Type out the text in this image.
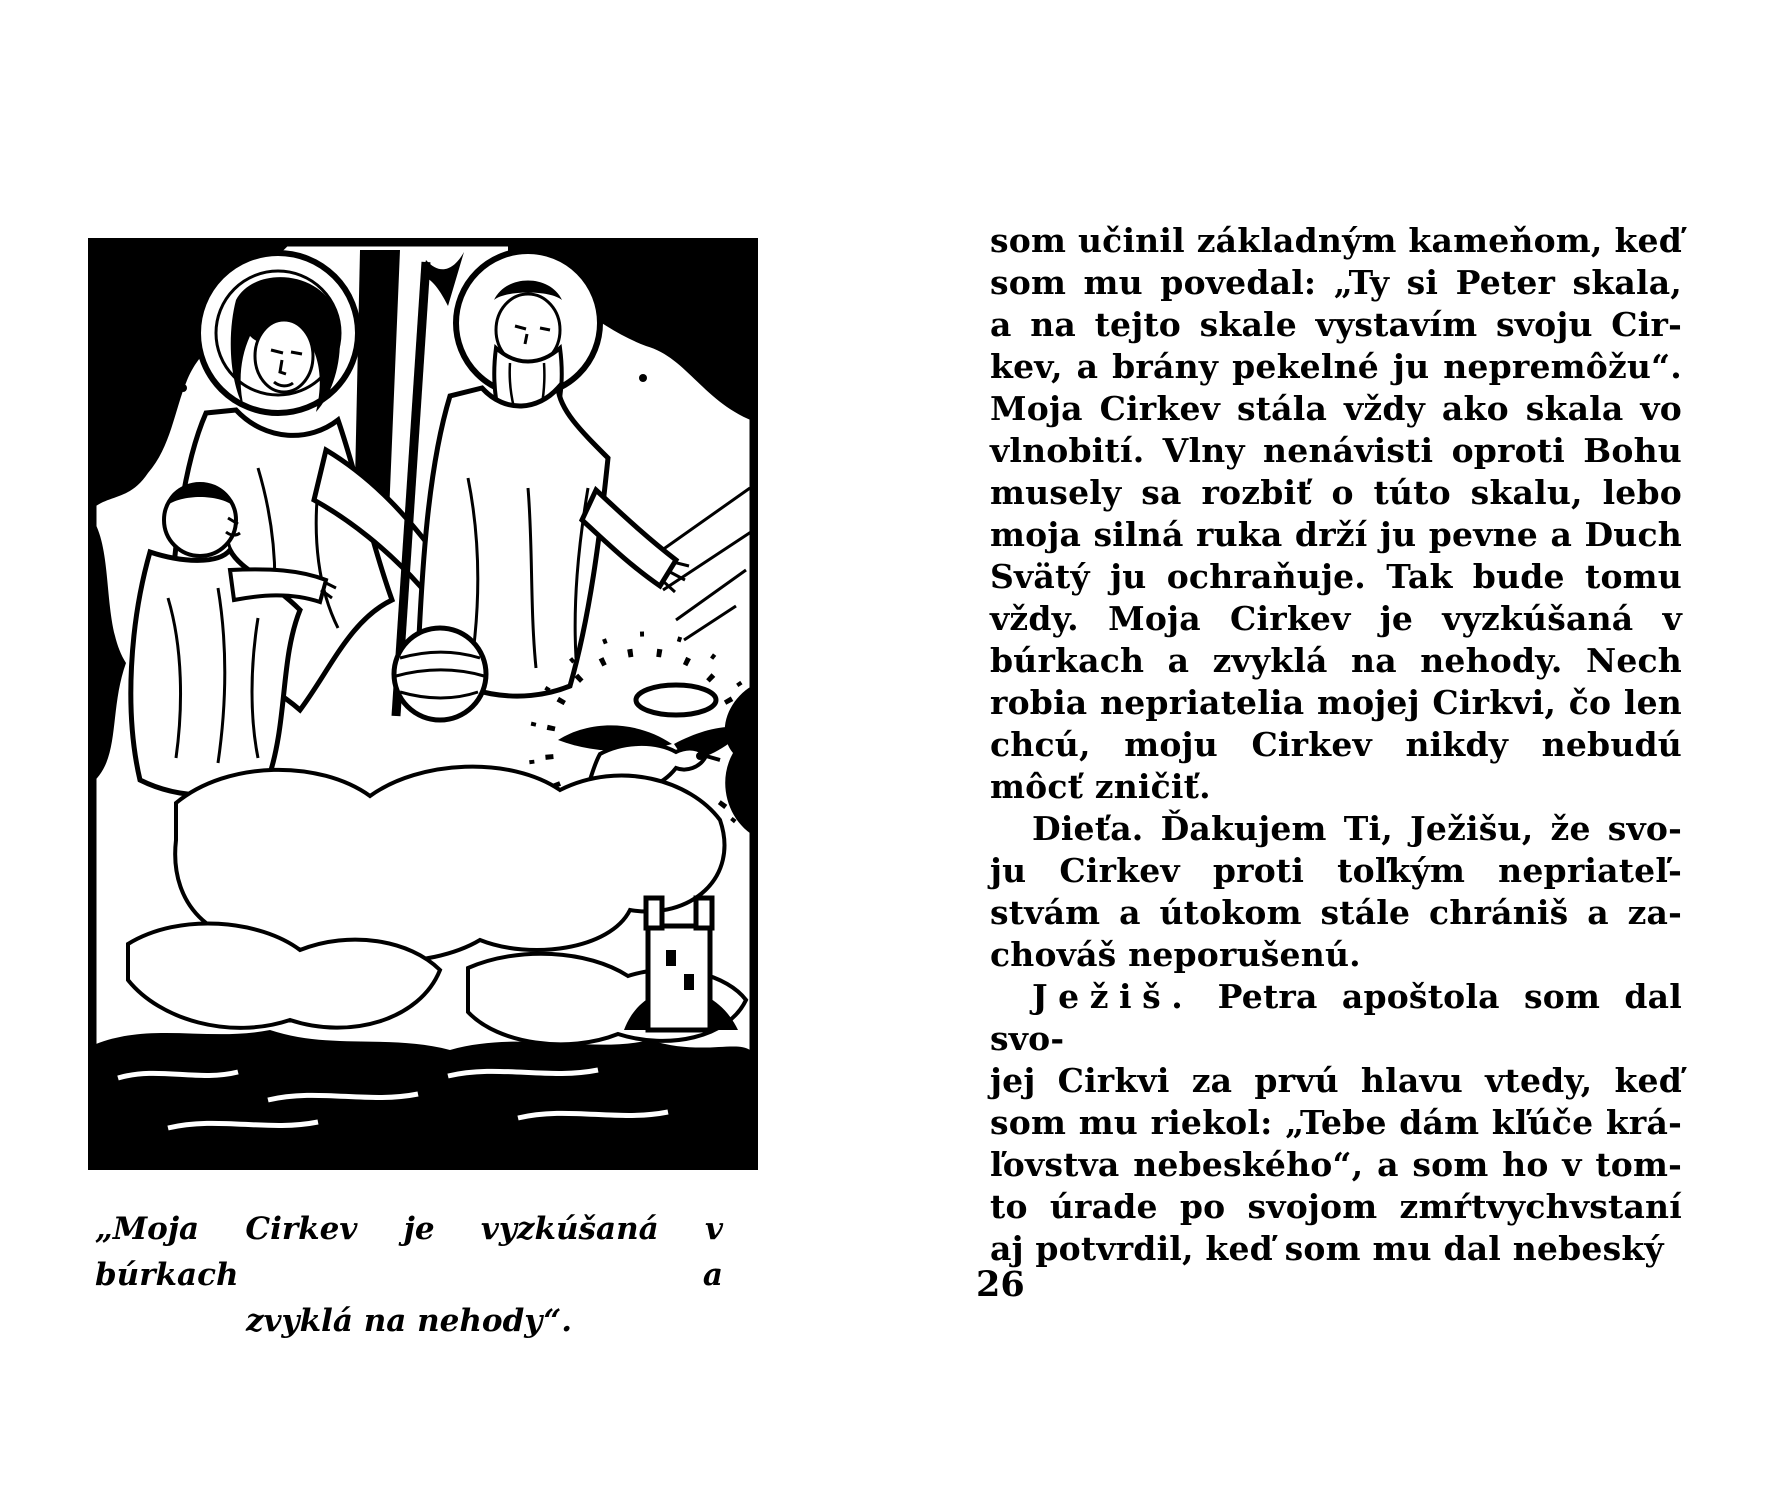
„Moja Cirkev je vyzkúšaná v búrkach a
zvyklá na nehody“.
som učinil základným kameňom, keď
som mu povedal: „Ty si Peter skala,
a na tejto skale vystavím svoju Cir-
kev, a brány pekelné ju nepremôžu“.
Moja Cirkev stála vždy ako skala vo
vlnobití. Vlny nenávisti oproti Bohu
musely sa rozbiť o túto skalu, lebo
moja silná ruka drží ju pevne a Duch
Svätý ju ochraňuje. Tak bude tomu
vždy. Moja Cirkev je vyzkúšaná v
búrkach a zvyklá na nehody. Nech
robia nepriatelia mojej Cirkvi, čo len
chcú, moju Cirkev nikdy nebudú
môcť zničiť.
Dieťa. Ďakujem Ti, Ježišu, že svo-
ju Cirkev proti toľkým nepriateľ-
stvám a útokom stále chrániš a za-
chováš neporušenú.
Ježiš. Petra apoštola som dal svo-
jej Cirkvi za prvú hlavu vtedy, keď
som mu riekol: „Tebe dám kľúče krá-
ľovstva nebeského“, a som ho v tom-
to úrade po svojom zmŕtvychvstaní
aj potvrdil, keď som mu dal nebeský
26
